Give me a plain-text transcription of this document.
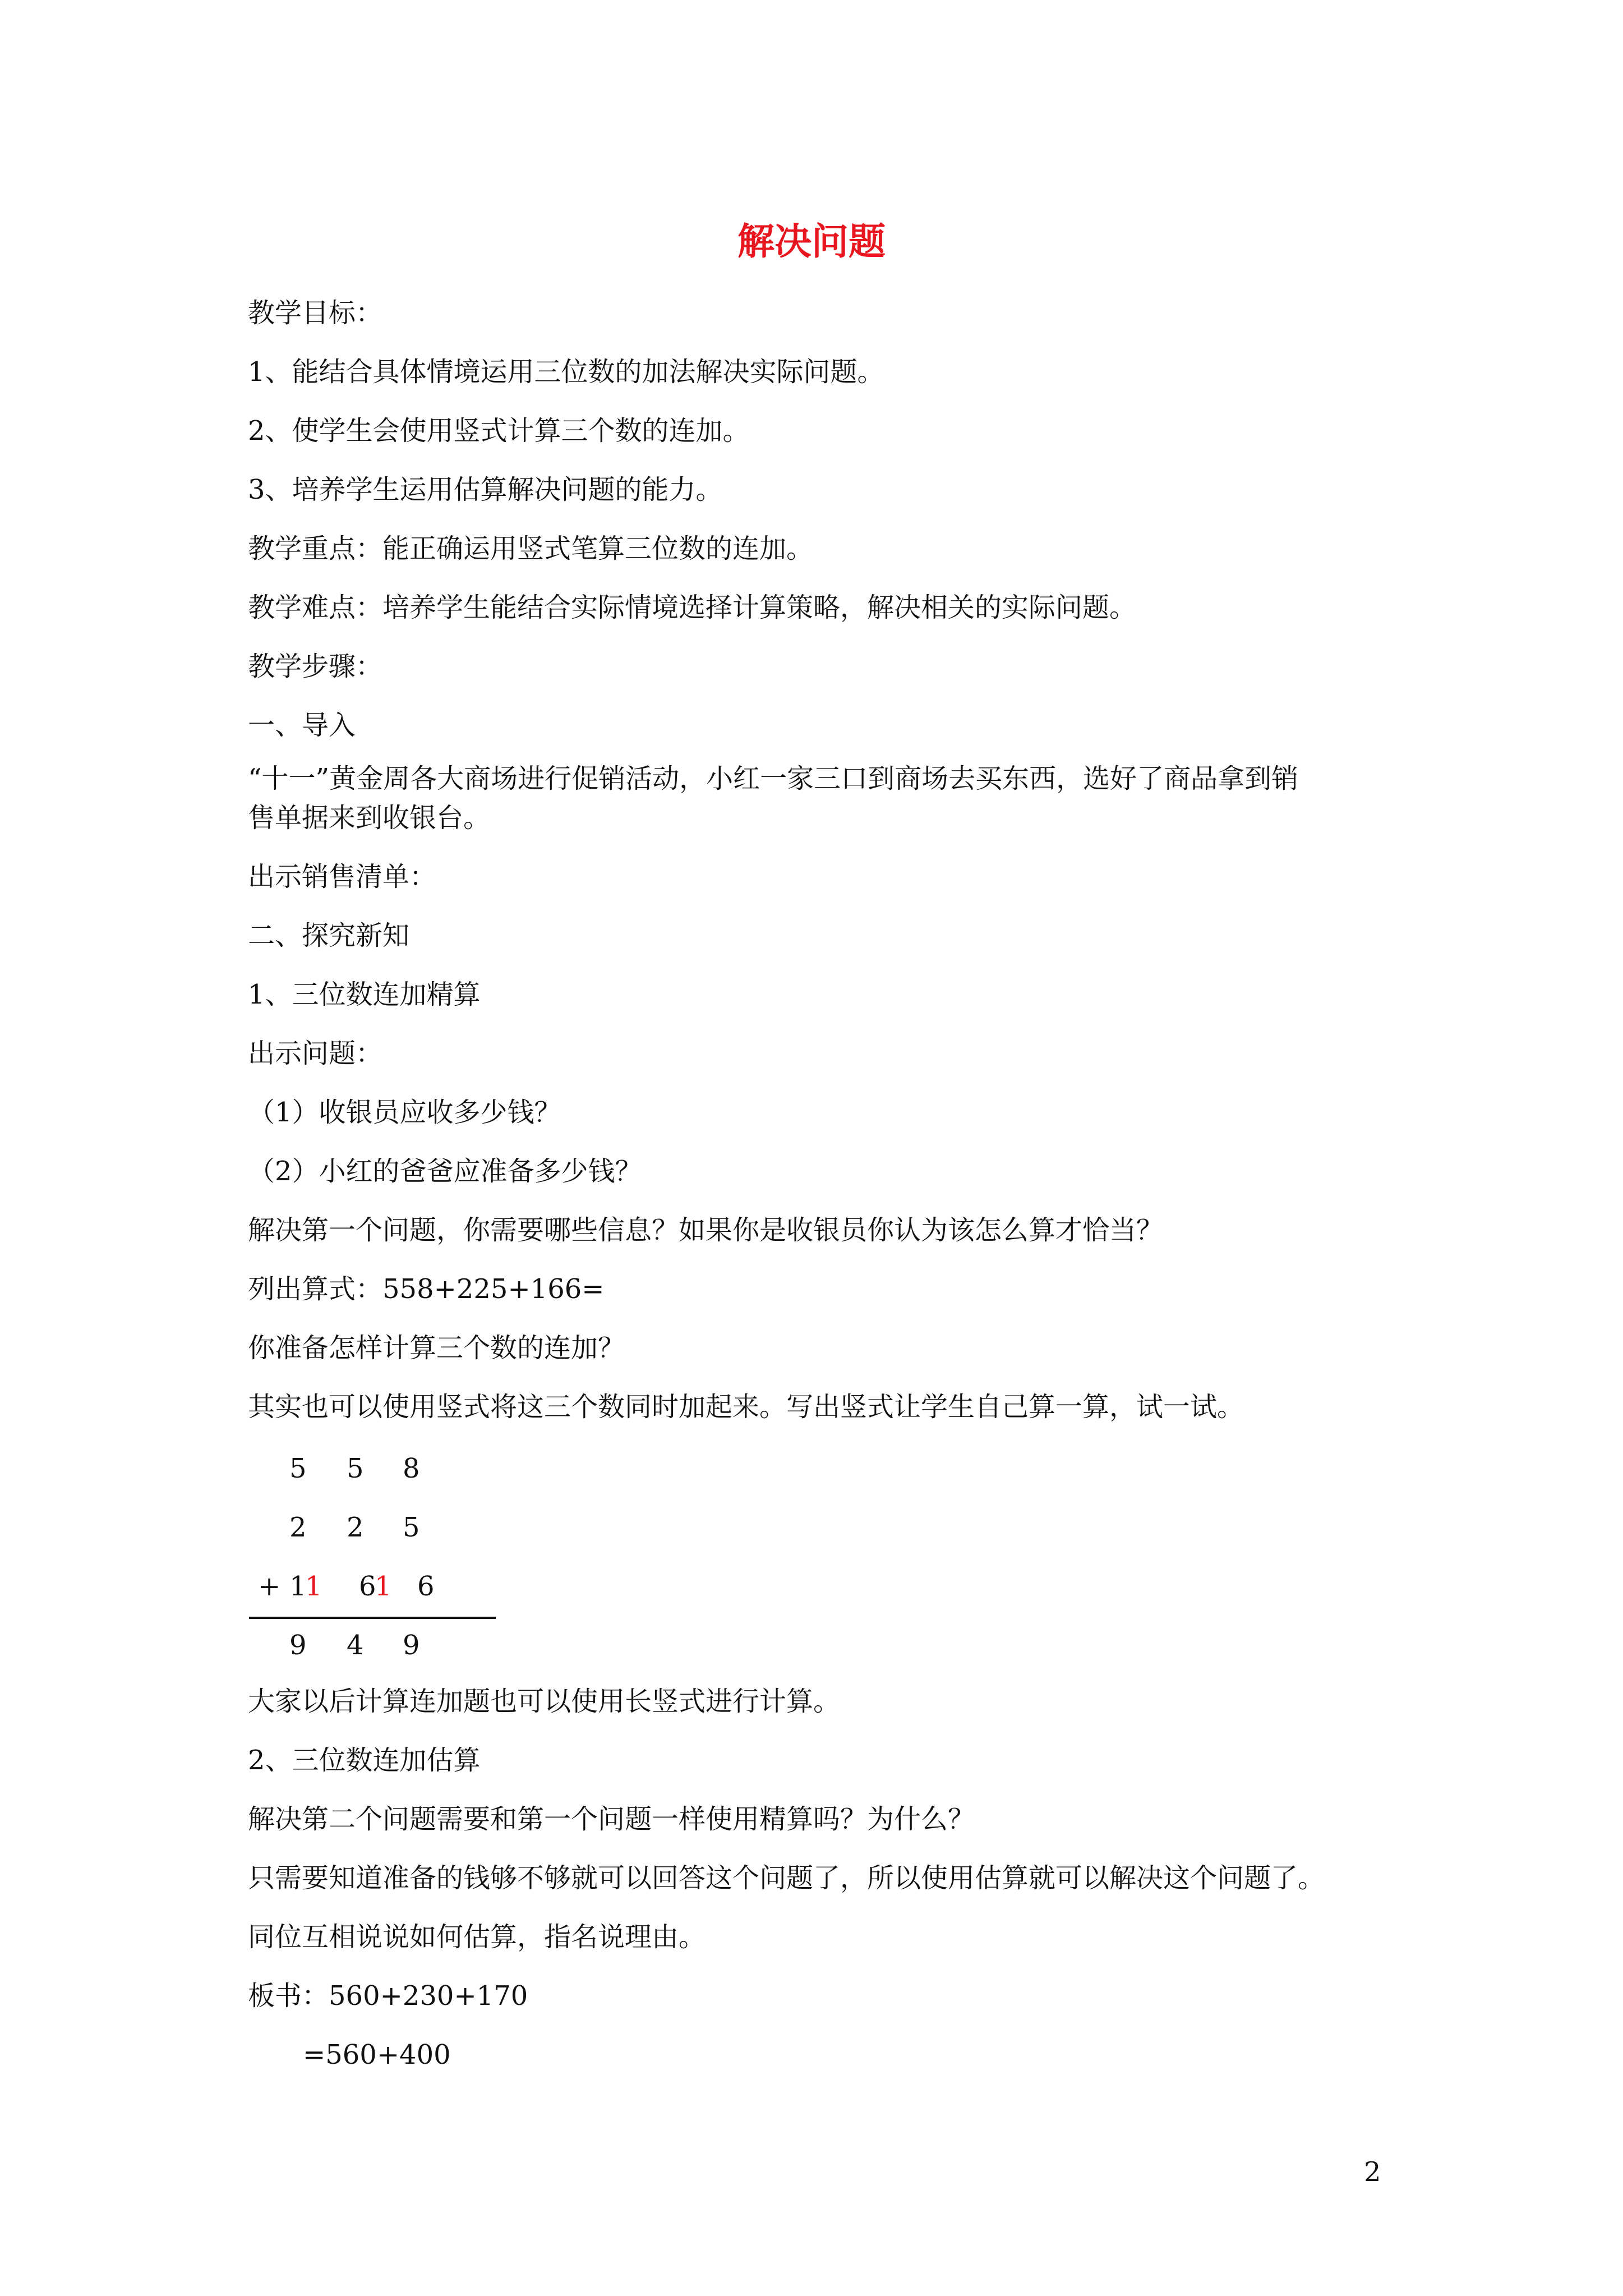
解决问题
教学目标：
1、能结合具体情境运用三位数的加法解决实际问题。
2、使学生会使用竖式计算三个数的连加。
3、培养学生运用估算解决问题的能力。
教学重点：能正确运用竖式笔算三位数的连加。
教学难点：培养学生能结合实际情境选择计算策略，解决相关的实际问题。
教学步骤：
一、导入
“十一”黄金周各大商场进行促销活动，小红一家三口到商场去买东西，选好了商品拿到销
售单据来到收银台。
出示销售清单：
二、探究新知
1、三位数连加精算
出示问题：
（1）收银员应收多少钱？
（2）小红的爸爸应准备多少钱？
解决第一个问题，你需要哪些信息？如果你是收银员你认为该怎么算才恰当？
列出算式：558+225+166=
你准备怎样计算三个数的连加？
其实也可以使用竖式将这三个数同时加起来。写出竖式让学生自己算一算，试一试。
5 5 8
2 2 5
+ 1
1 6
1 6
9 4 9
大家以后计算连加题也可以使用长竖式进行计算。
2、三位数连加估算
解决第二个问题需要和第一个问题一样使用精算吗？为什么？
只需要知道准备的钱够不够就可以回答这个问题了，所以使用估算就可以解决这个问题了。
同位互相说说如何估算，指名说理由。
板书：560+230+170
=560+400
2
